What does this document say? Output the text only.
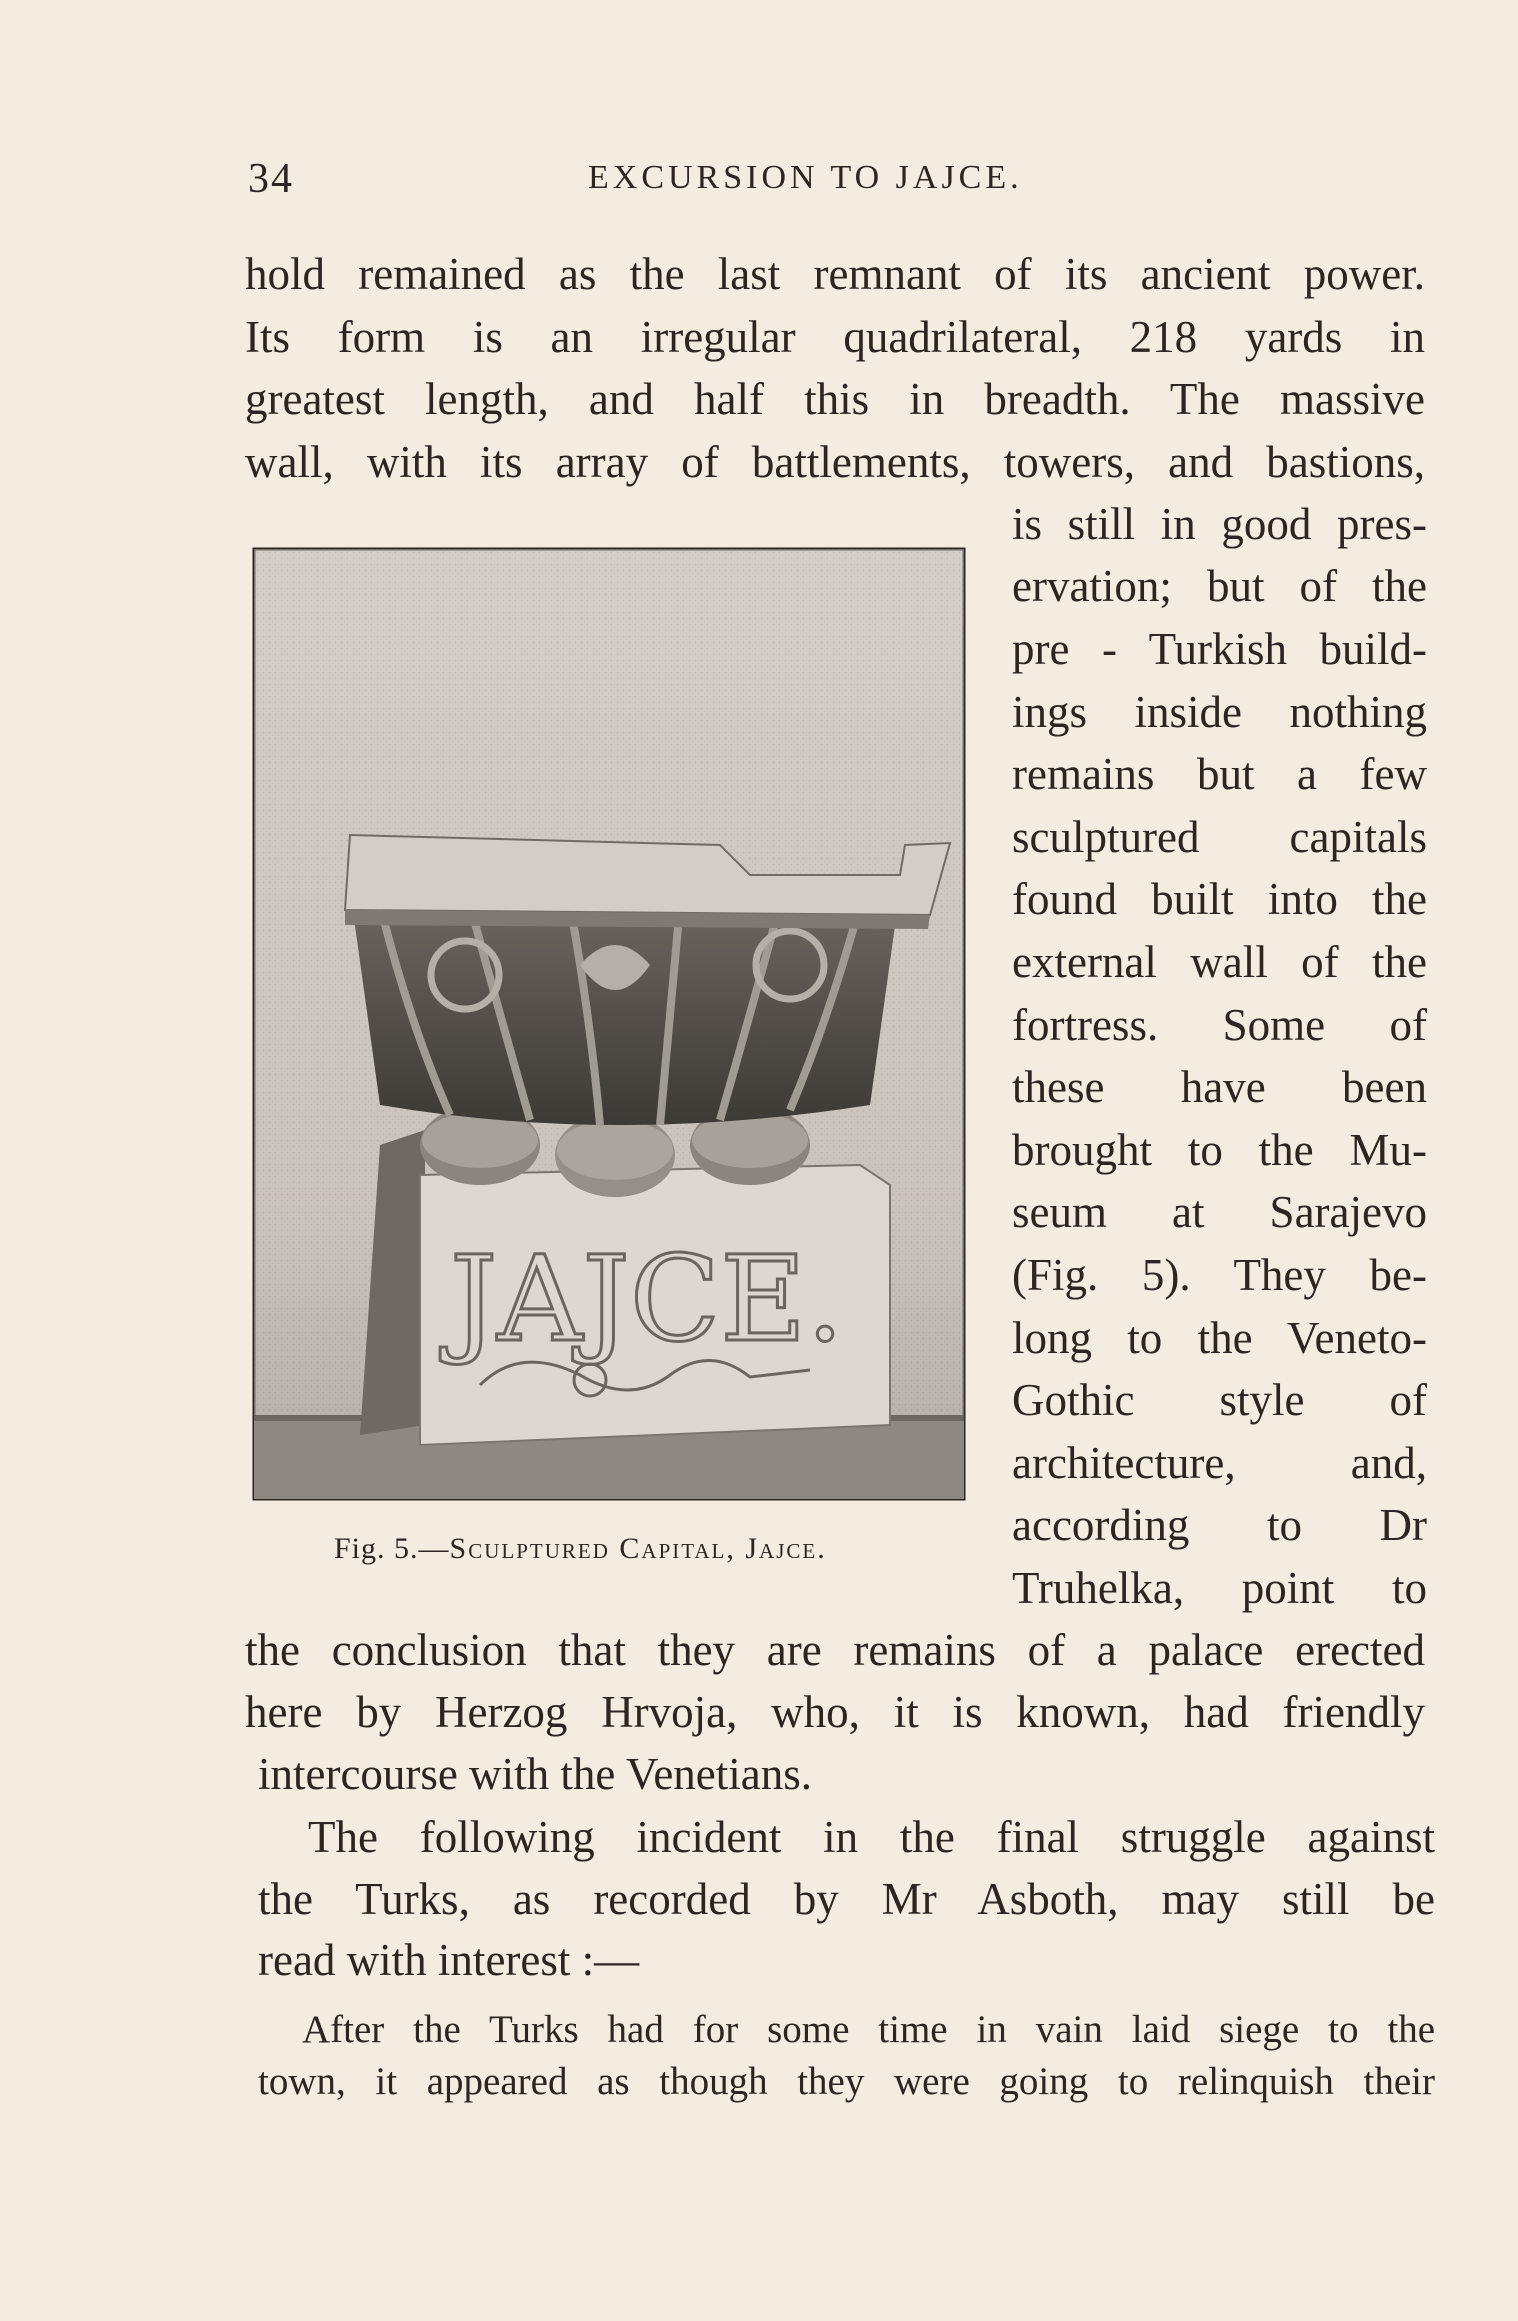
34	EXCURSION TO JAJCE.
hold remained as the last remnant of its ancient power.
Its form is an irregular quadrilateral, 218 yards in
greatest length, and half this in breadth. The massive
wall, with its array of battlements, towers, and bastions,
JAJCE.
Fig. 5.—Sculptured Capital, Jajce.
is still in good pres-
ervation; but of the
pre - Turkish build-
ings inside nothing
remains but a few
sculptured capitals
found built into the
external wall of the
fortress. Some of
these have been
brought to the Mu-
seum at Sarajevo
(Fig. 5). They be-
long to the Veneto-
Gothic style of
architecture, and,
according to Dr
Truhelka, point to
the conclusion that they are remains of a palace erected
here by Herzog Hrvoja, who, it is known, had friendly
intercourse with the Venetians.
The following incident in the final struggle against
the Turks, as recorded by Mr Asboth, may still be
read with interest :—
After the Turks had for some time in vain laid siege to the
town, it appeared as though they were going to relinquish their
